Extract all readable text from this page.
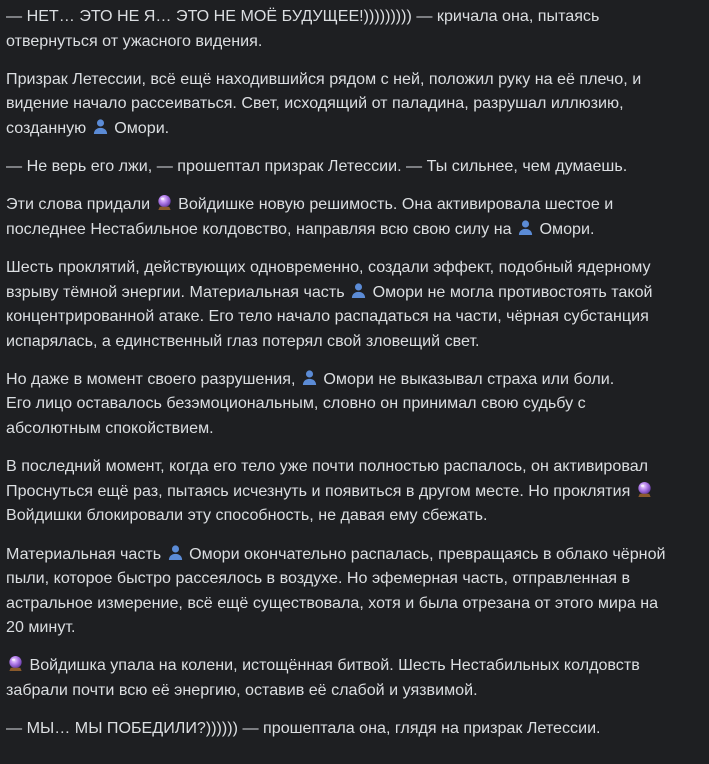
— НЕТ… ЭТО НЕ Я… ЭТО НЕ МОЁ БУДУЩЕЕ!))))))))) — кричала она, пытаясь
отвернуться от ужасного видения.
Призрак Летессии, всё ещё находившийся рядом с ней, положил руку на её плечо, и
видение начало рассеиваться. Свет, исходящий от паладина, разрушал иллюзию,
созданную
Омори.
— Не верь его лжи, — прошептал призрак Летессии. — Ты сильнее, чем думаешь.
Эти слова придали
Войдишке новую решимость. Она активировала шестое и
последнее Нестабильное колдовство, направляя всю свою силу на
Омори.
Шесть проклятий, действующих одновременно, создали эффект, подобный ядерному
взрыву тёмной энергии. Материальная часть
Омори не могла противостоять такой
концентрированной атаке. Его тело начало распадаться на части, чёрная субстанция
испарялась, а единственный глаз потерял свой зловещий свет.
Но даже в момент своего разрушения,
Омори не выказывал страха или боли.
Его лицо оставалось безэмоциональным, словно он принимал свою судьбу с
абсолютным спокойствием.
В последний момент, когда его тело уже почти полностью распалось, он активировал
Проснуться ещё раз, пытаясь исчезнуть и появиться в другом месте. Но проклятия
Войдишки блокировали эту способность, не давая ему сбежать.
Материальная часть
Омори окончательно распалась, превращаясь в облако чёрной
пыли, которое быстро рассеялось в воздухе. Но эфемерная часть, отправленная в
астральное измерение, всё ещё существовала, хотя и была отрезана от этого мира на
20 минут.
Войдишка упала на колени, истощённая битвой. Шесть Нестабильных колдовств
забрали почти всю её энергию, оставив её слабой и уязвимой.
— МЫ… МЫ ПОБЕДИЛИ?)))))) — прошептала она, глядя на призрак Летессии.
